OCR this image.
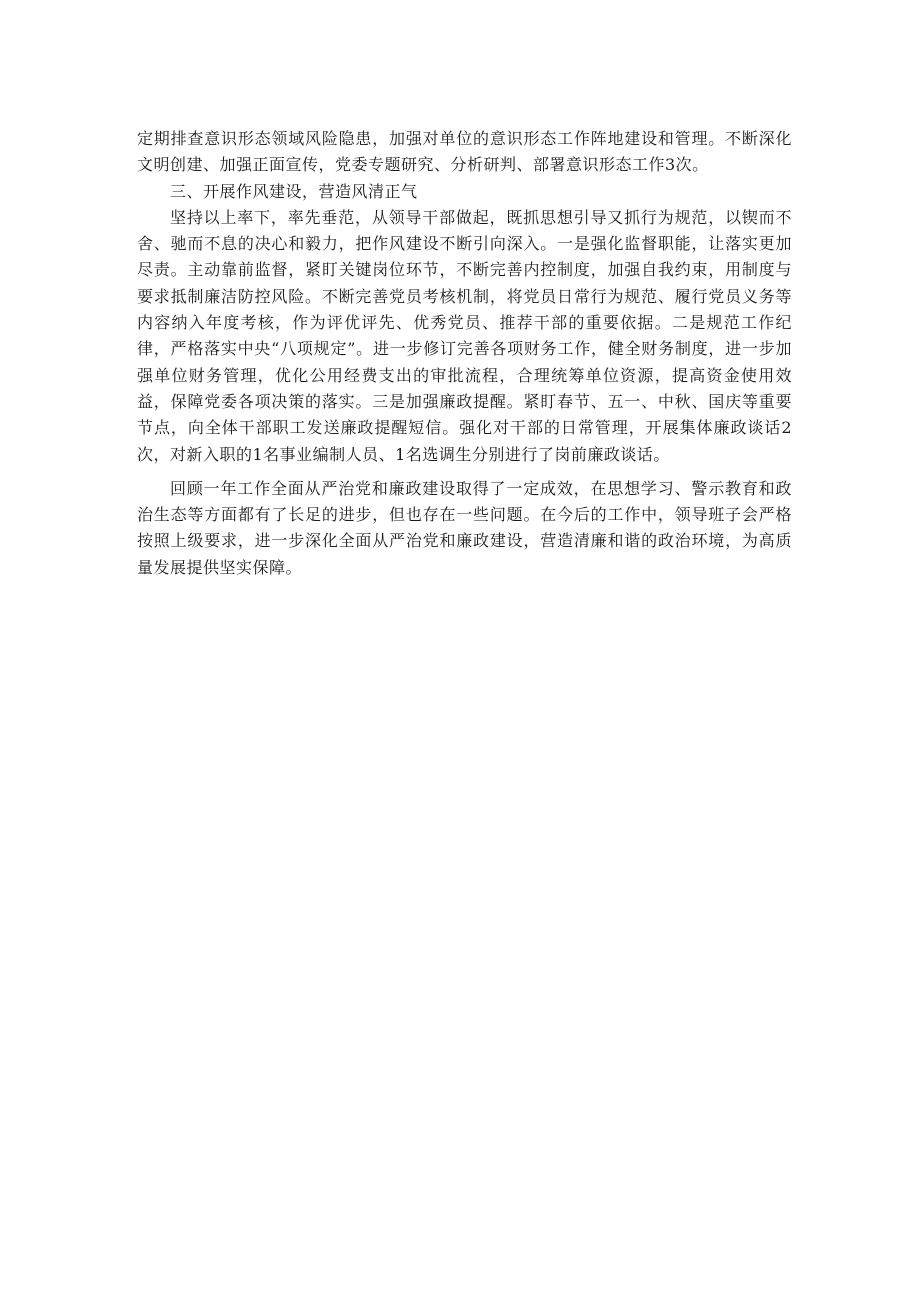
定期排查意识形态领域风险隐患，加强对单位的意识形态工作阵地建设和管理。不断深化文明创建、加强正面宣传，党委专题研究、分析研判、部署意识形态工作3次。

三、开展作风建设，营造风清正气

坚持以上率下，率先垂范，从领导干部做起，既抓思想引导又抓行为规范，以锲而不舍、驰而不息的决心和毅力，把作风建设不断引向深入。一是强化监督职能，让落实更加尽责。主动靠前监督，紧盯关键岗位环节，不断完善内控制度，加强自我约束，用制度与要求抵制廉洁防控风险。不断完善党员考核机制，将党员日常行为规范、履行党员义务等内容纳入年度考核，作为评优评先、优秀党员、推荐干部的重要依据。二是规范工作纪律，严格落实中央“八项规定”。进一步修订完善各项财务工作，健全财务制度，进一步加强单位财务管理，优化公用经费支出的审批流程，合理统筹单位资源，提高资金使用效益，保障党委各项决策的落实。三是加强廉政提醒。紧盯春节、五一、中秋、国庆等重要节点，向全体干部职工发送廉政提醒短信。强化对干部的日常管理，开展集体廉政谈话2次，对新入职的1名事业编制人员、1名选调生分别进行了岗前廉政谈话。

回顾一年工作全面从严治党和廉政建设取得了一定成效，在思想学习、警示教育和政治生态等方面都有了长足的进步，但也存在一些问题。在今后的工作中，领导班子会严格按照上级要求，进一步深化全面从严治党和廉政建设，营造清廉和谐的政治环境，为高质量发展提供坚实保障。
